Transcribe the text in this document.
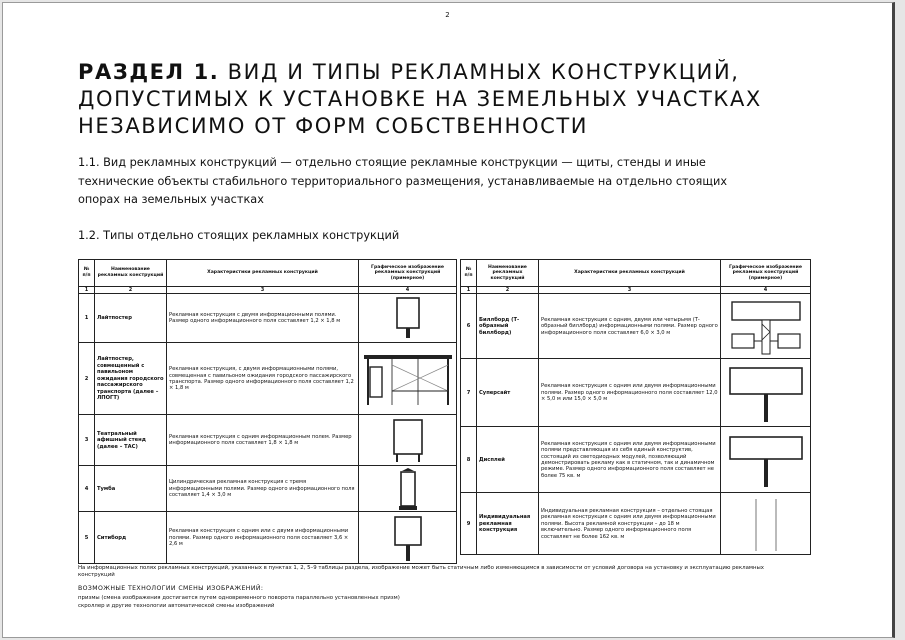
2
РАЗДЕЛ 1. ВИД И ТИПЫ РЕКЛАМНЫХ КОНСТРУКЦИЙ,
ДОПУСТИМЫХ К УСТАНОВКЕ НА ЗЕМЕЛЬНЫХ УЧАСТКАХ
НЕЗАВИСИМО ОТ ФОРМ СОБСТВЕННОСТИ
1.1. Вид рекламных конструкций — отдельно стоящие рекламные конструкции — щиты, стенды и иные
технические объекты стабильного территориального размещения, устанавливаемые на отдельно стоящих
опорах на земельных участках
1.2. Типы отдельно стоящих рекламных конструкций
№ п/п	Наименование рекламных конструкций	Характеристики рекламных конструкций	Графическое изображение рекламных конструкций (примерное)
1	2	3	4
1	Лайтпостер	Рекламная конструкция с двумя информационными полями. Размер одного информационного поля составляет 1,2 × 1,8 м	

2	Лайтпостер, совмещенный с павильоном ожидания городского пассажирского транспорта (далее – ЛПОГТ)	Рекламная конструкция, с двумя информационными полями, совмещенная с павильоном ожидания городского пассажирского транспорта. Размер одного информационного поля составляет 1,2 × 1,8 м	

3	Театральный афишный стенд (далее – ТАС)	Рекламная конструкция с одним информационным полем. Размер информационного поля составляет 1,8 × 1,8 м	

4	Тумба	Цилиндрическая рекламная конструкция с тремя информационными полями. Размер одного информационного поля составляет 1,4 × 3,0 м	

5	Ситиборд	Рекламная конструкция с одним или с двумя информационными полями. Размер одного информационного поля составляет 3,6 × 2,6 м	
№ п/п	Наименование рекламных конструкций	Характеристики рекламных конструкций	Графическое изображение рекламных конструкций (примерное)
1	2	3	4
6	Биллборд (Т-образный биллборд)	Рекламная конструкция с одним, двумя или четырьмя (Т-образный биллборд) информационными полями. Размер одного информационного поля составляет 6,0 × 3,0 м	

7	Суперсайт	Рекламная конструкция с одним или двумя информационными полями. Размер одного информационного поля составляет 12,0 × 5,0 м или 15,0 × 5,0 м	

8	Дисплей	Рекламная конструкция с одним или двумя информационными полями представляющая из себя единый конструктив, состоящий из светодиодных модулей, позволяющий демонстрировать рекламу как в статичном, так и динамичном режиме. Размер одного информационного поля составляет не более 75 кв. м	

9	Индивидуальная рекламная конструкция	Индивидуальная рекламная конструкция – отдельно стоящая рекламная конструкция с одним или двумя информационными полями. Высота рекламной конструкции – до 18 м включительно. Размер одного информационного поля составляет не более 162 кв. м	
На информационных полях рекламных конструкций, указанных в пунктах 1, 2, 5–9 таблицы раздела, изображение может быть статичным либо изменяющимся в зависимости от условий договора на установку и эксплуатацию рекламных конструкций
ВОЗМОЖНЫЕ ТЕХНОЛОГИИ СМЕНЫ ИЗОБРАЖЕНИЙ:
призмы (смена изображения достигается путем одновременного поворота параллельно установленных призм)
скроллер и другие технологии автоматической смены изображений
